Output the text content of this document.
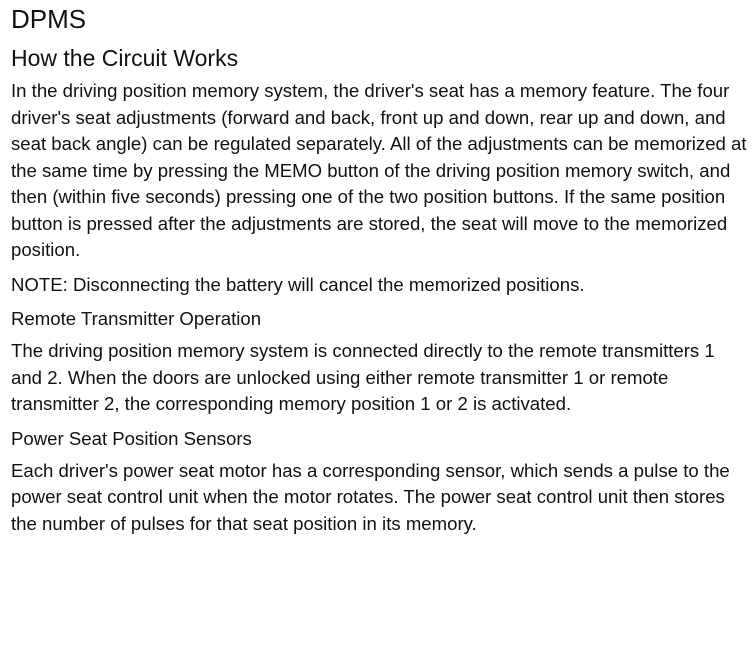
DPMS
How the Circuit Works

In the driving position memory system, the driver's seat has a memory feature. The four driver's seat adjustments (forward and back, front up and down, rear up and down, and seat back angle) can be regulated separately. All of the adjustments can be memorized at the same time by pressing the MEMO button of the driving position memory switch, and then (within five seconds) pressing one of the two position buttons. If the same position button is pressed after the adjustments are stored, the seat will move to the memorized position.

NOTE: Disconnecting the battery will cancel the memorized positions.

Remote Transmitter Operation

The driving position memory system is connected directly to the remote transmitters 1 and 2. When the doors are unlocked using either remote transmitter 1 or remote transmitter 2, the corresponding memory position 1 or 2 is activated.

Power Seat Position Sensors

Each driver's power seat motor has a corresponding sensor, which sends a pulse to the power seat control unit when the motor rotates. The power seat control unit then stores the number of pulses for that seat position in its memory.
